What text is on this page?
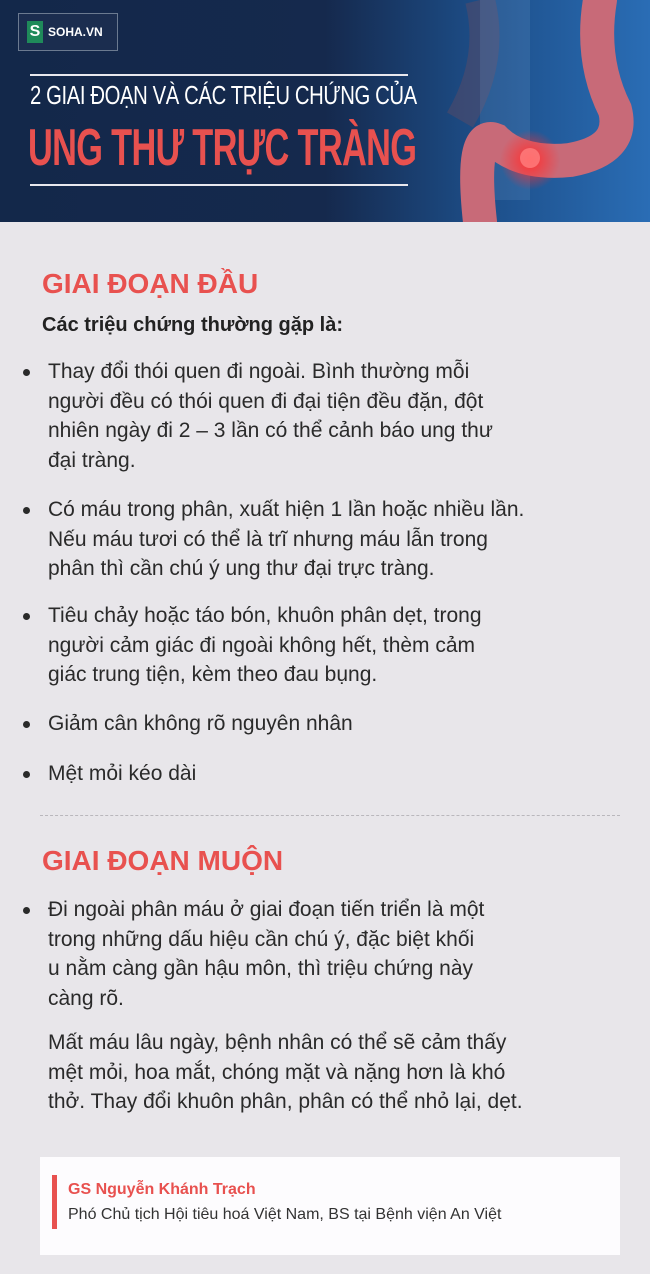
S SOHA.VN
2 GIAI ĐOẠN VÀ CÁC TRIỆU CHỨNG CỦA
UNG THƯ TRỰC TRÀNG
GIAI ĐOẠN ĐẦU
Các triệu chứng thường gặp là:
Thay đổi thói quen đi ngoài. Bình thường mỗi
người đều có thói quen đi đại tiện đều đặn, đột
nhiên ngày đi 2 – 3 lần có thể cảnh báo ung thư
đại tràng.
Có máu trong phân, xuất hiện 1 lần hoặc nhiều lần.
Nếu máu tươi có thể là trĩ nhưng máu lẫn trong
phân thì cần chú ý ung thư đại trực tràng.
Tiêu chảy hoặc táo bón, khuôn phân dẹt, trong
người cảm giác đi ngoài không hết, thèm cảm
giác trung tiện, kèm theo đau bụng.
Giảm cân không rõ nguyên nhân
Mệt mỏi kéo dài
GIAI ĐOẠN MUỘN
Đi ngoài phân máu ở giai đoạn tiến triển là một
trong những dấu hiệu cần chú ý, đặc biệt khối
u nằm càng gần hậu môn, thì triệu chứng này
càng rõ.
Mất máu lâu ngày, bệnh nhân có thể sẽ cảm thấy
mệt mỏi, hoa mắt, chóng mặt và nặng hơn là khó
thở. Thay đổi khuôn phân, phân có thể nhỏ lại, dẹt.
GS Nguyễn Khánh Trạch
Phó Chủ tịch Hội tiêu hoá Việt Nam, BS tại Bệnh viện An Việt
